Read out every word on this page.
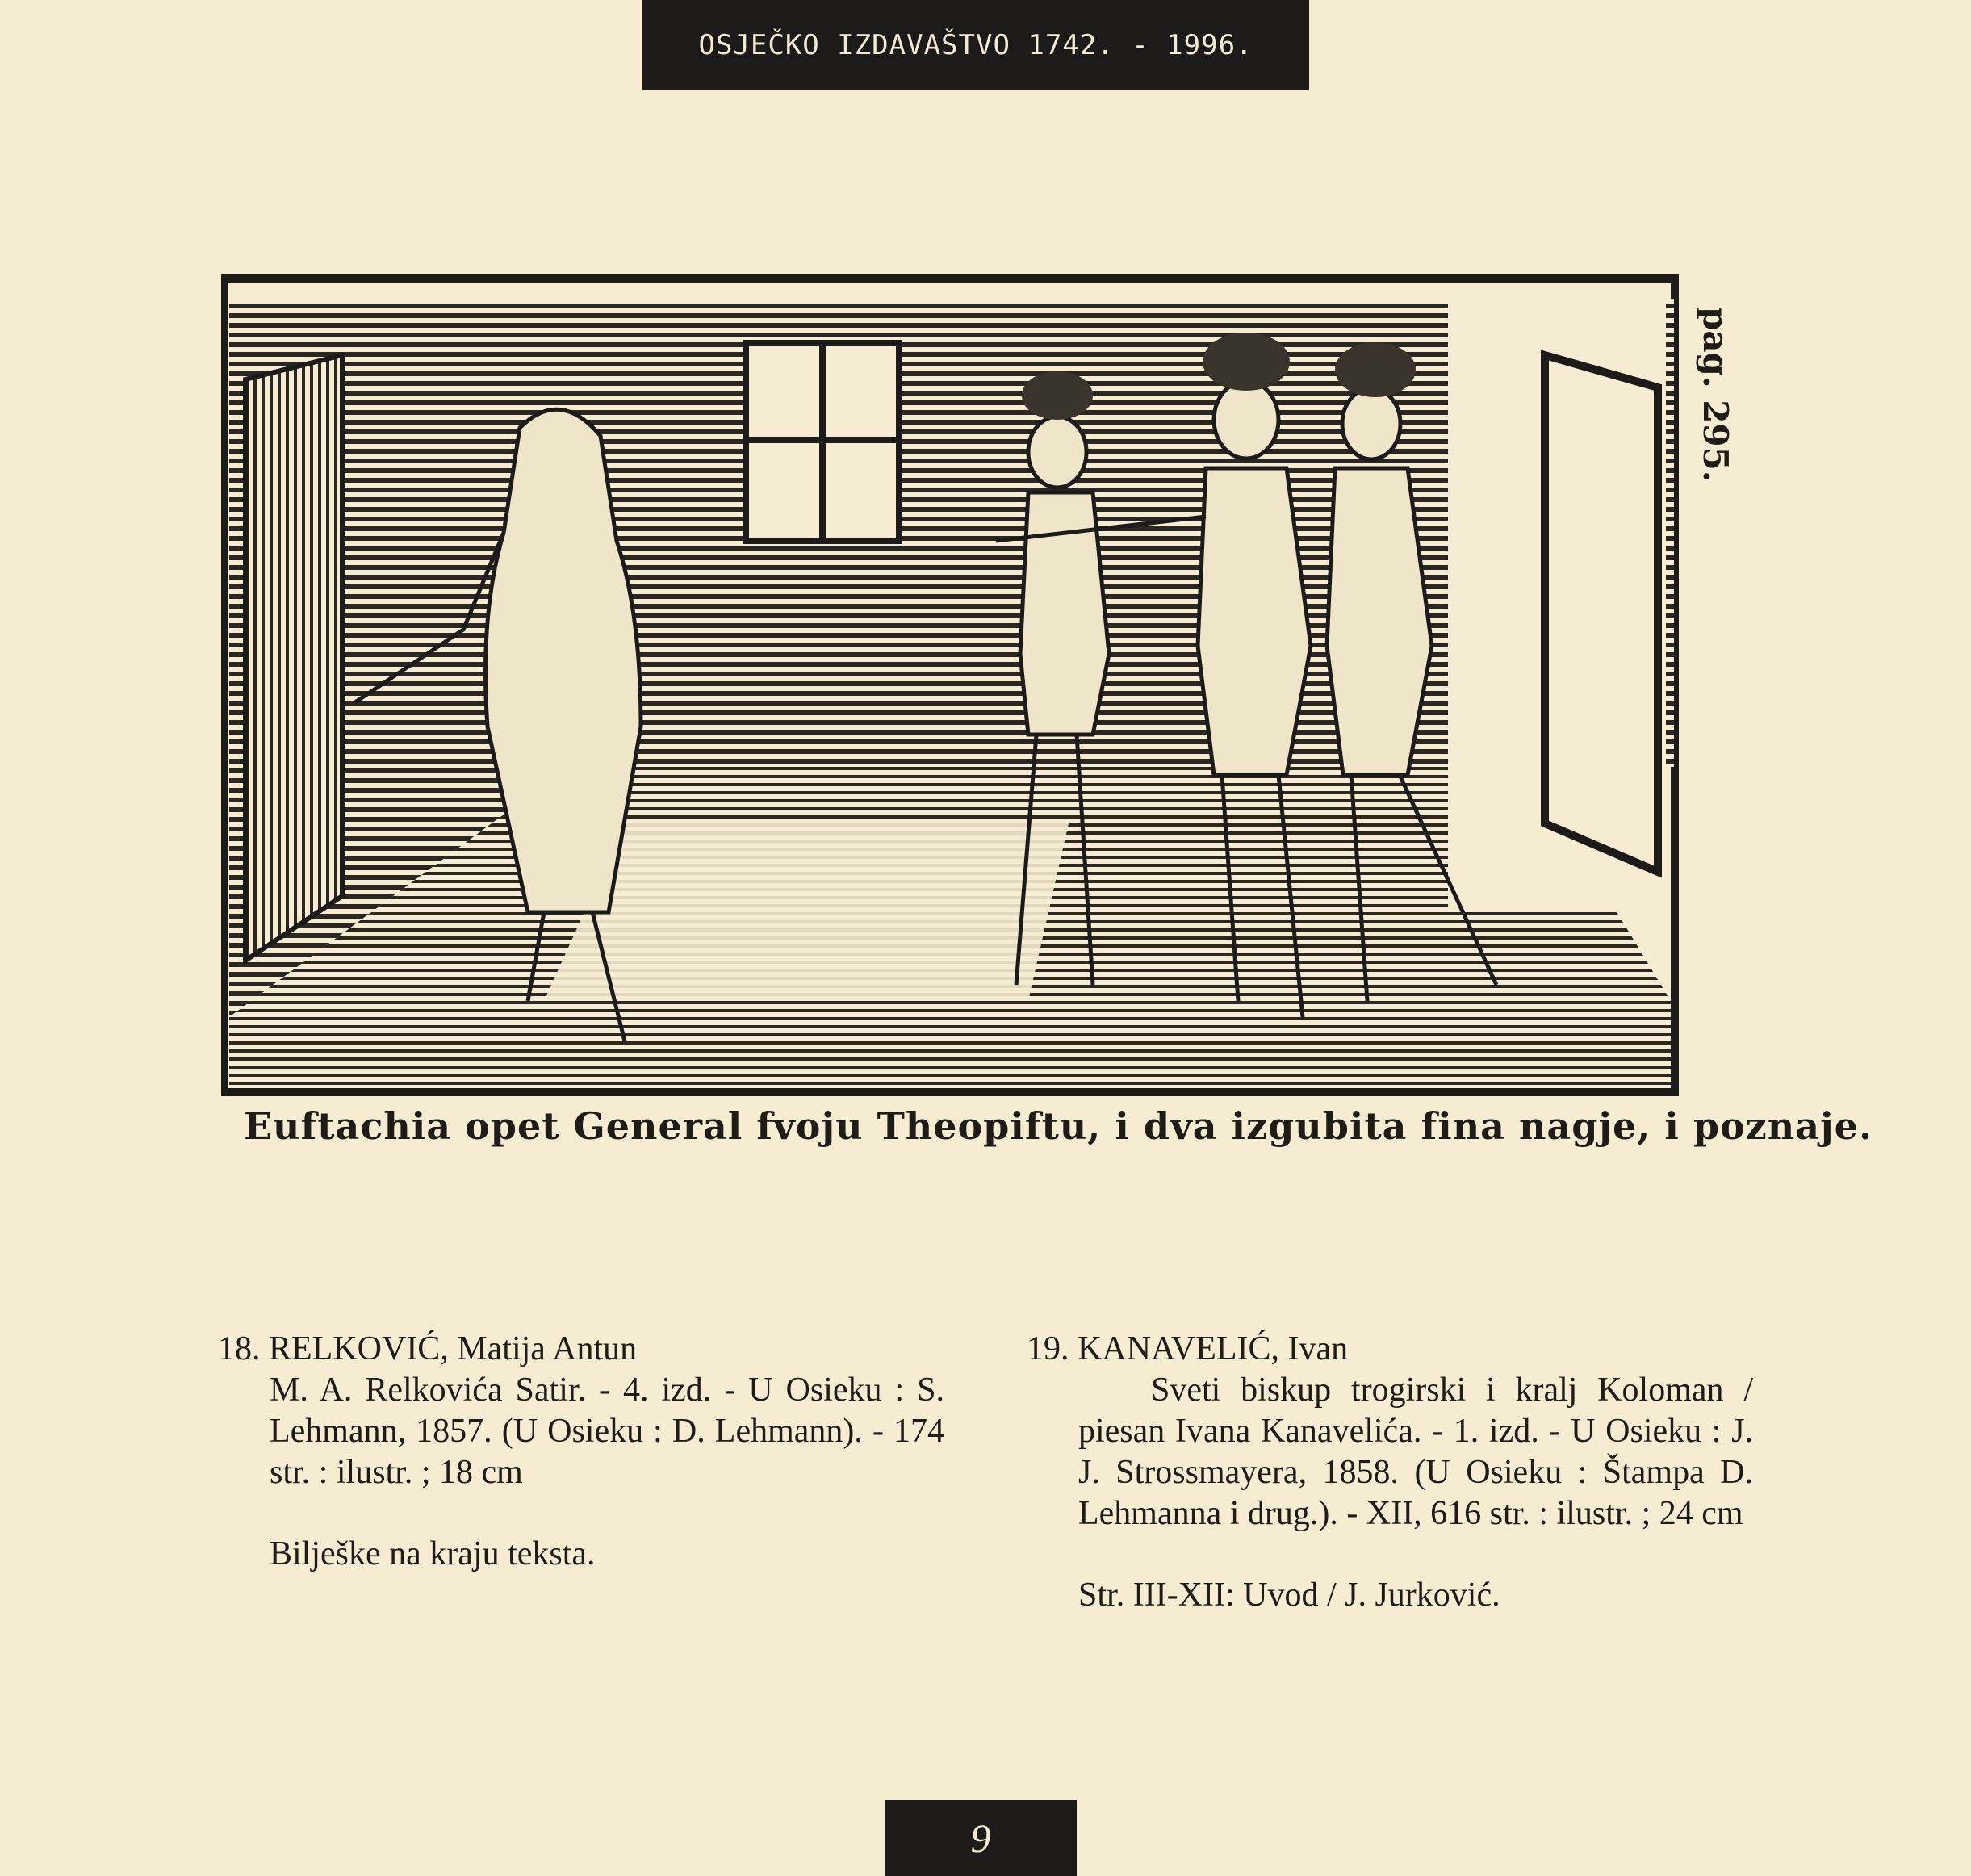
OSJEČKO IZDAVAŠTVO 1742. - 1996.
pag. 295.
Euftachia opet General fvoju Theopiftu, i dva izgubita fina nagje, i poznaje.
18. RELKOVIĆ, Matija Antun
M. A. Relkovića Satir. - 4. izd. - U Osieku : S. Lehmann, 1857. (U Osieku : D. Lehmann). - 174 str. : ilustr. ; 18 cm
Bilješke na kraju teksta.
19. KANAVELIĆ, Ivan
Sveti biskup trogirski i kralj Koloman / piesan Ivana Kanavelića. - 1. izd. - U Osieku : J. J. Strossmayera, 1858. (U Osieku : Štampa D. Lehmanna i drug.). - XII, 616 str. : ilustr. ; 24 cm
Str. III-XII: Uvod / J. Jurković.
9
